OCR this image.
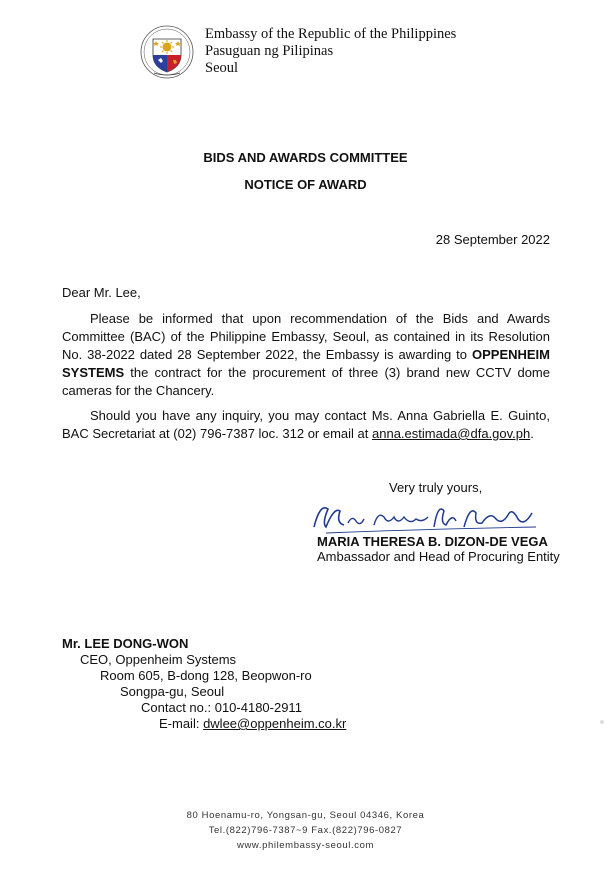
Embassy of the Republic of the Philippines
Pasuguan ng Pilipinas
Seoul
BIDS AND AWARDS COMMITTEE
NOTICE OF AWARD
28 September 2022
Dear Mr. Lee,
Please be informed that upon recommendation of the Bids and Awards Committee (BAC) of the Philippine Embassy, Seoul, as contained in its Resolution No. 38-2022 dated 28 September 2022, the Embassy is awarding to OPPENHEIM SYSTEMS the contract for the procurement of three (3) brand new CCTV dome cameras for the Chancery.
Should you have any inquiry, you may contact Ms. Anna Gabriella E. Guinto, BAC Secretariat at (02) 796-7387 loc. 312 or email at anna.estimada@dfa.gov.ph.
Very truly yours,
MARIA THERESA B. DIZON-DE VEGA
Ambassador and Head of Procuring Entity
Mr. LEE DONG-WON
CEO, Oppenheim Systems
Room 605, B-dong 128, Beopwon-ro
Songpa-gu, Seoul
Contact no.: 010-4180-2911
E-mail: dwlee@oppenheim.co.kr
80 Hoenamu-ro, Yongsan-gu, Seoul 04346, Korea
Tel.(822)796-7387~9 Fax.(822)796-0827
www.philembassy-seoul.com
